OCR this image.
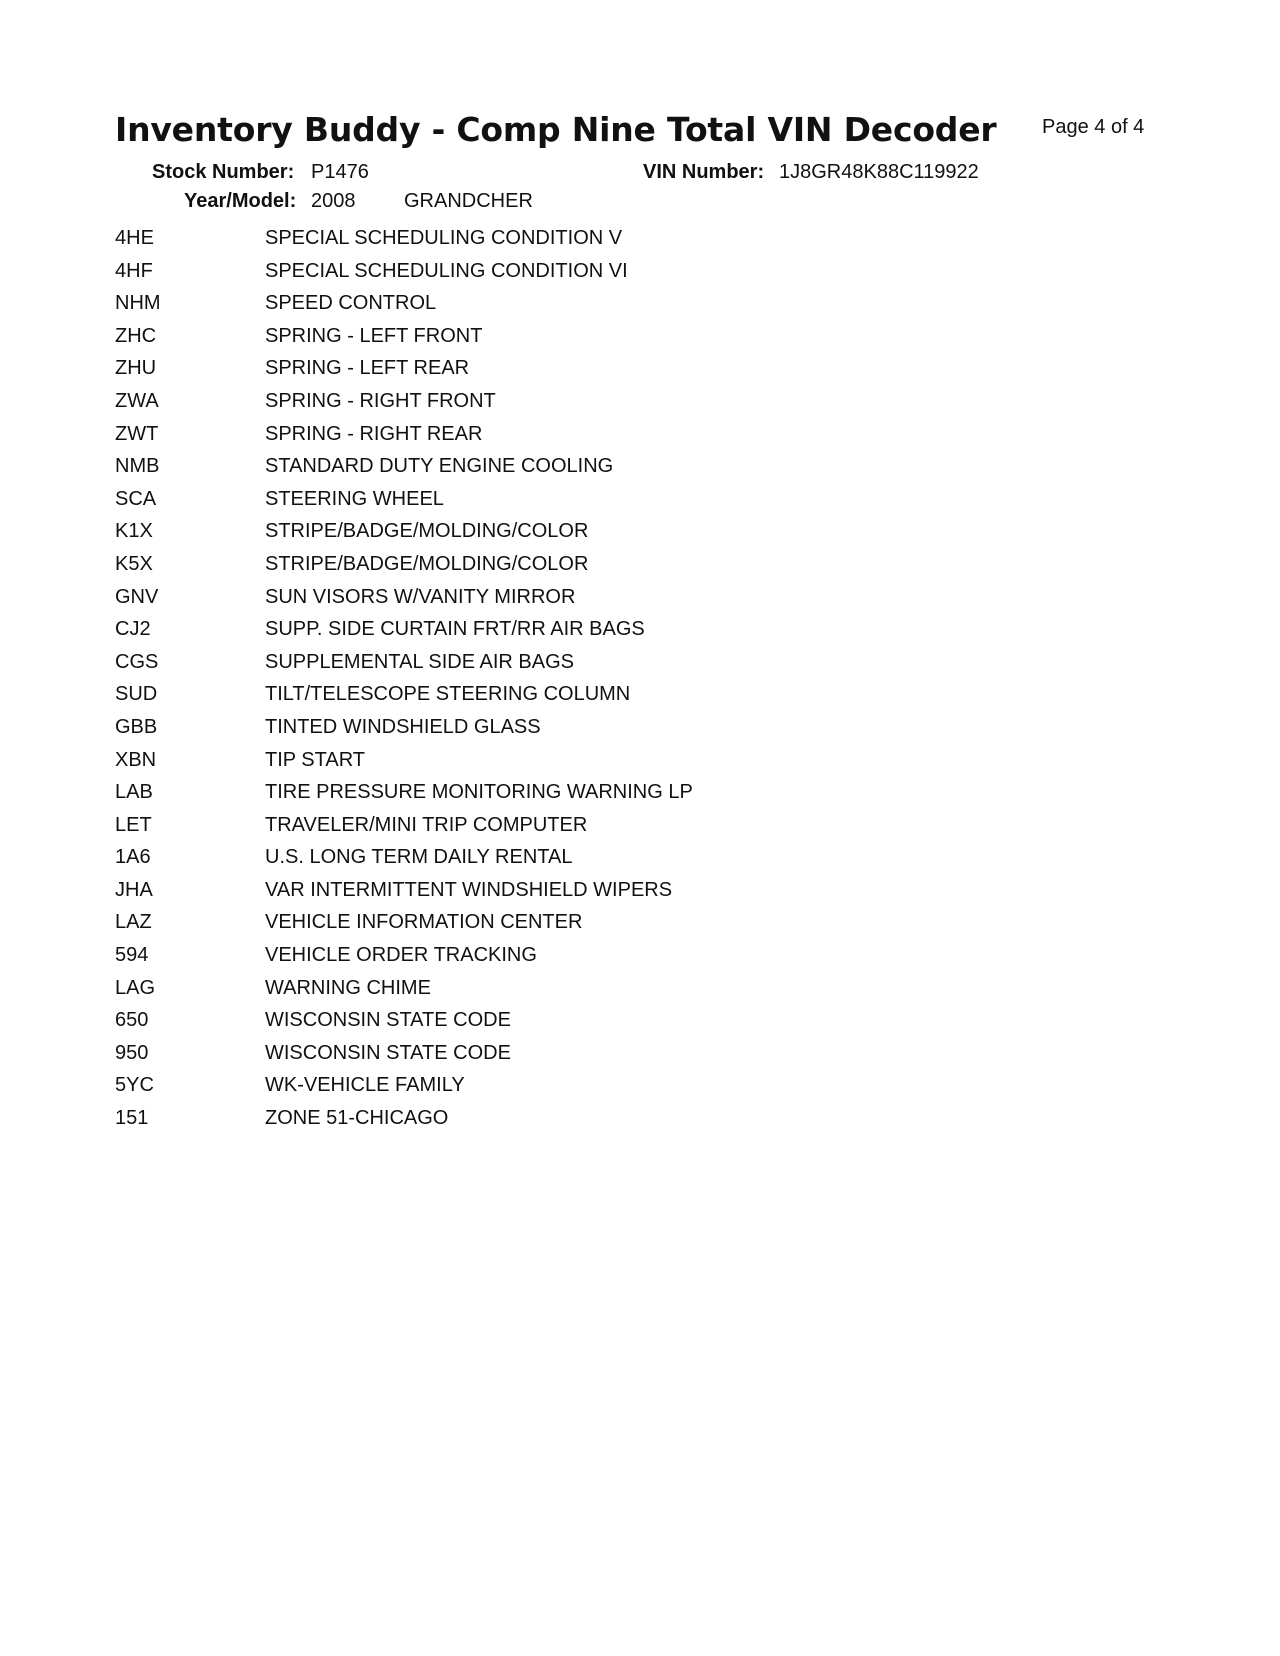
Inventory Buddy - Comp Nine Total VIN Decoder Page 4 of 4
Stock Number: P1476	VIN Number: 1J8GR48K88C119922
Year/Model: 2008 GRANDCHER
4HE	SPECIAL SCHEDULING CONDITION V
4HF	SPECIAL SCHEDULING CONDITION VI
NHM	SPEED CONTROL
ZHC	SPRING - LEFT FRONT
ZHU	SPRING - LEFT REAR
ZWA	SPRING - RIGHT FRONT
ZWT	SPRING - RIGHT REAR
NMB	STANDARD DUTY ENGINE COOLING
SCA	STEERING WHEEL
K1X	STRIPE/BADGE/MOLDING/COLOR
K5X	STRIPE/BADGE/MOLDING/COLOR
GNV	SUN VISORS W/VANITY MIRROR
CJ2	SUPP. SIDE CURTAIN FRT/RR AIR BAGS
CGS	SUPPLEMENTAL SIDE AIR BAGS
SUD	TILT/TELESCOPE STEERING COLUMN
GBB	TINTED WINDSHIELD GLASS
XBN	TIP START
LAB	TIRE PRESSURE MONITORING WARNING LP
LET	TRAVELER/MINI TRIP COMPUTER
1A6	U.S. LONG TERM DAILY RENTAL
JHA	VAR INTERMITTENT WINDSHIELD WIPERS
LAZ	VEHICLE INFORMATION CENTER
594	VEHICLE ORDER TRACKING
LAG	WARNING CHIME
650	WISCONSIN STATE CODE
950	WISCONSIN STATE CODE
5YC	WK-VEHICLE FAMILY
151	ZONE 51-CHICAGO
